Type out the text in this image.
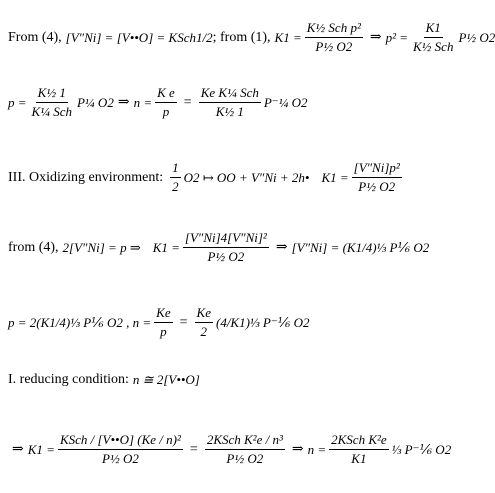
From (4), [V″Ni] = [V••O] = K Sch 1/2 ; from (1), $K1 = \frac{\text{K½ Sch p²}}{\text{P½ O2}}$ ⇒ $p^2 = \frac{K1}{\text{K½ Sch}}$ P½ O2
$p = \frac{\text{K½ 1}}{\text{K¼ Sch}}$ P¼ O2 ⇒ $n = \frac{\text{K e}}{p} = \frac{\text{Ke K¼ Sch}}{\text{K½ 1}}$ P⁻¼ O2
III. Oxidizing environment: $\frac{1}{2} O2$ ↦ OO + V″Ni + 2h• $K1 = \frac{\text{[V″Ni]p²}}{\text{P½ O2}}$
from (4), 2[V″Ni] = p ⇒ $K1 = \frac{\text{[V″Ni]4[V″Ni]²}}{\text{P½ O2}}$ ⇒ [V″Ni] = (K1/4)⅓ P⅙ O2
p = 2(K1/4)⅓ P⅙ O2 , $n = \frac{Ke}{p} = \frac{Ke}{2}$ (4/K1)⅓ P⁻⅙ O2
I. reducing condition: n ≅ 2[V••O]
⇒ $K1 = \frac{\text{KSch / [V••O] (Ke / n)²}}{\text{P½ O2}} = \frac{\text{2KSch K²e / n³}}{\text{P½ O2}}$ ⇒ $n = \frac{\text{2KSch K²e}}{K1}$ ⅓ P⁻⅙ O2
